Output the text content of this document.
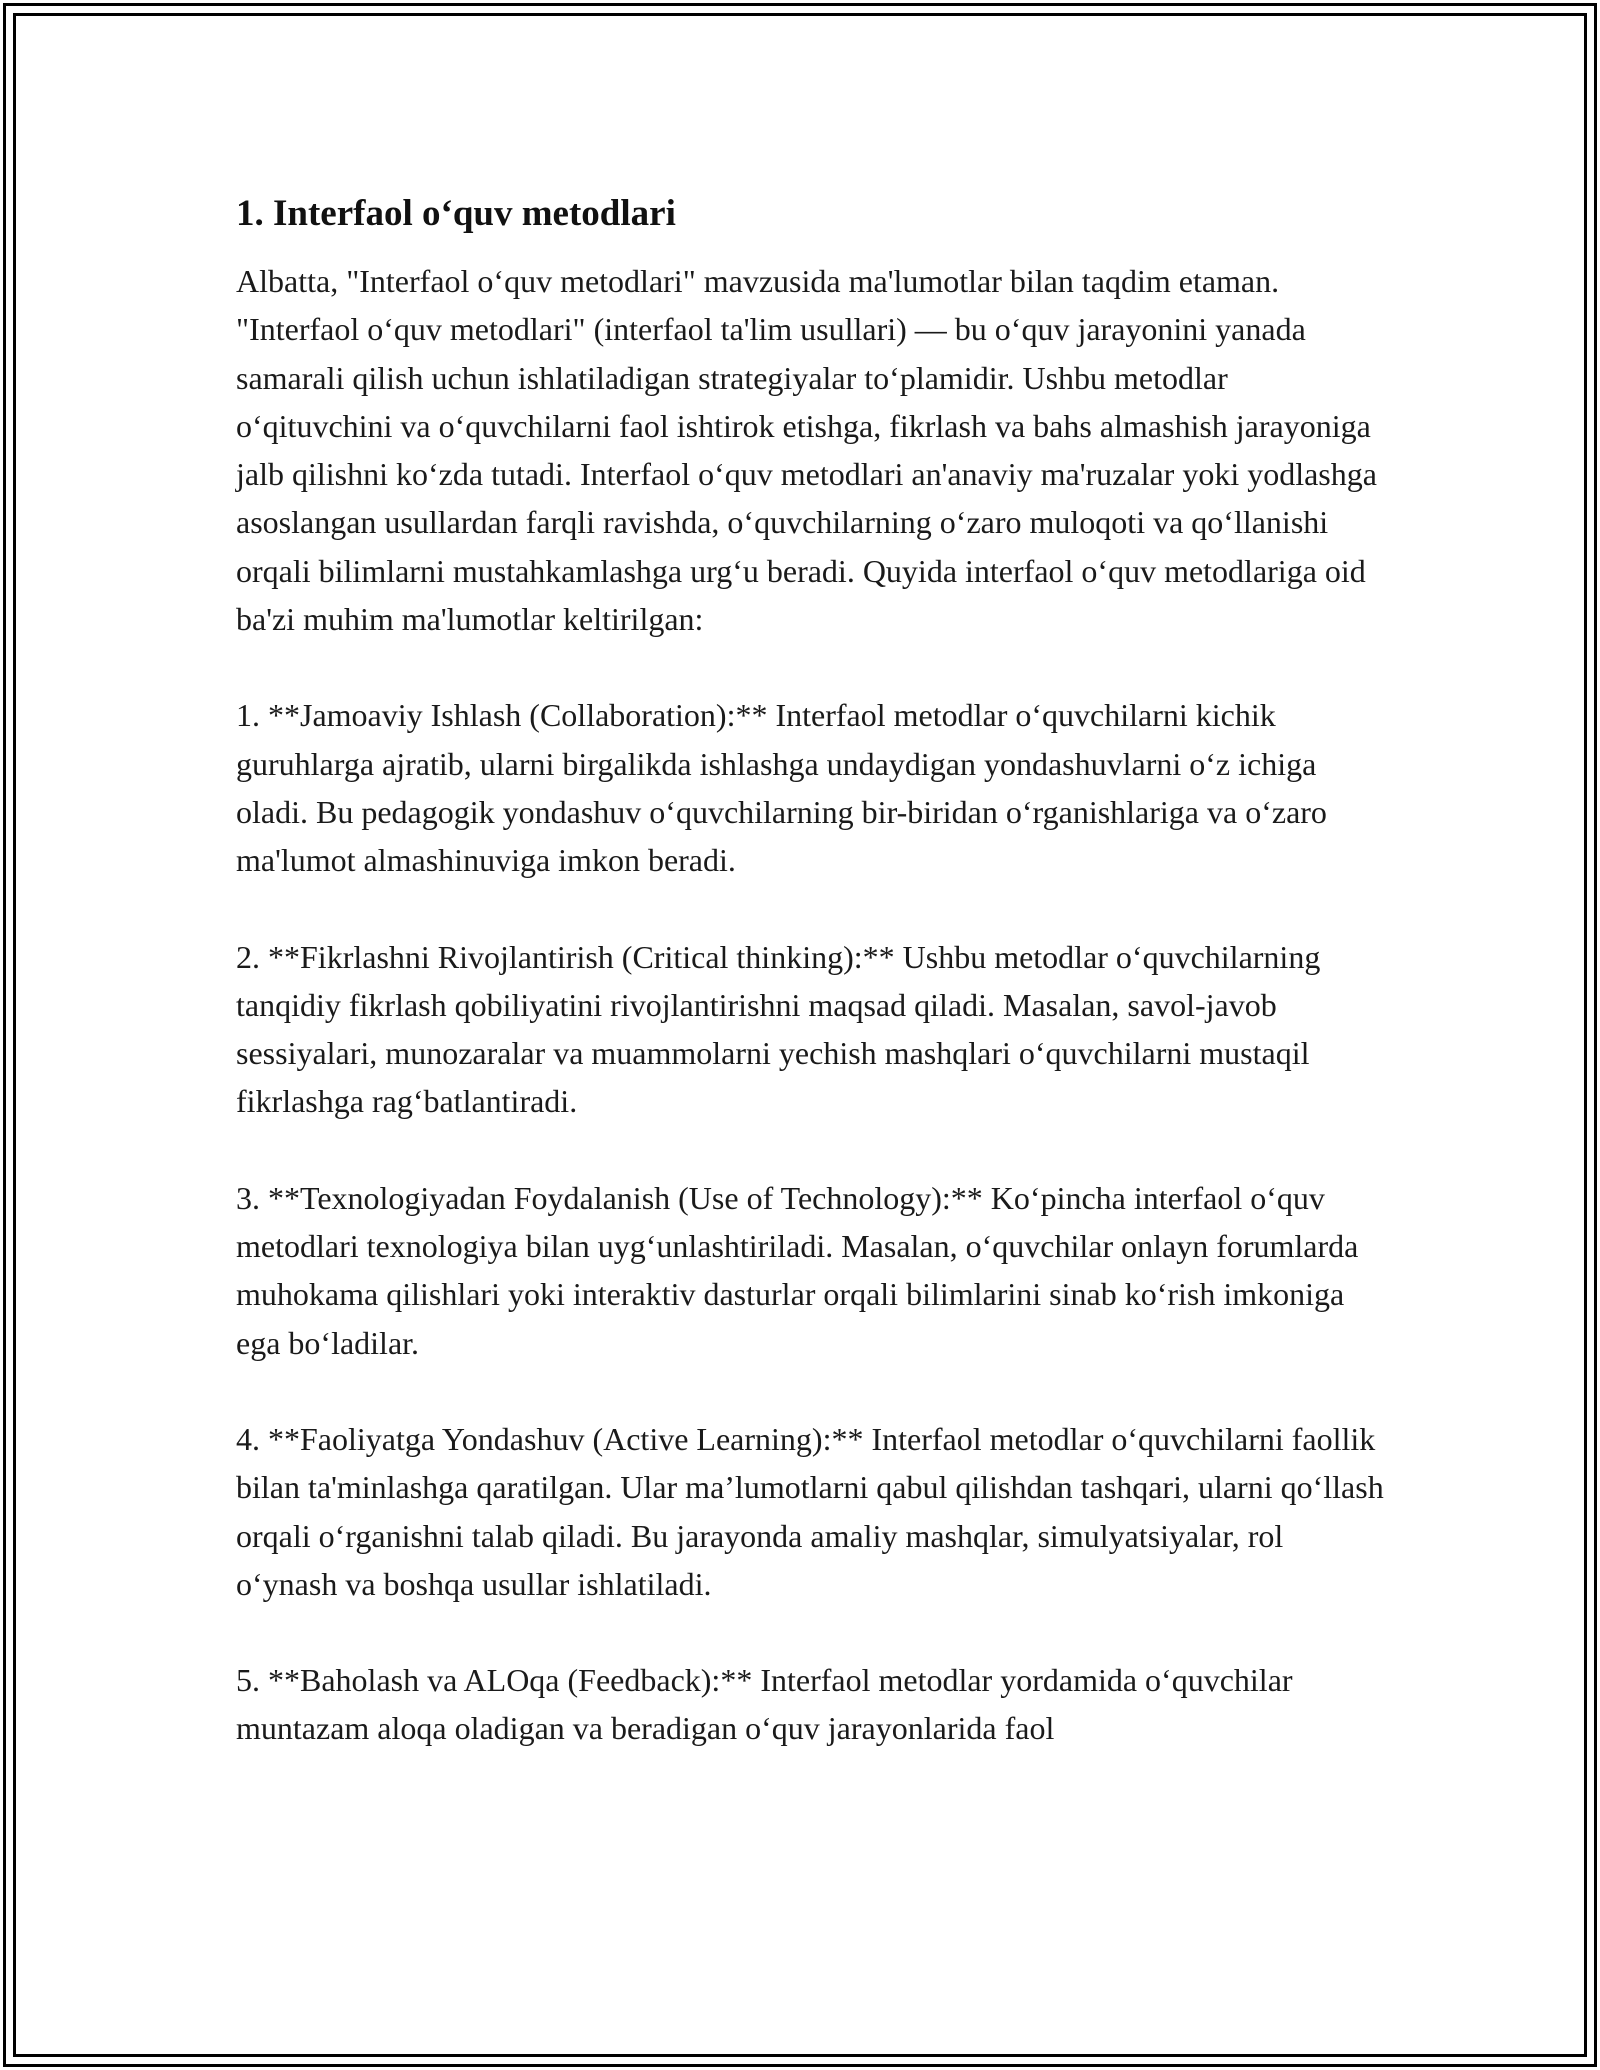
1. Interfaol oʻquv metodlari

Albatta, "Interfaol oʻquv metodlari" mavzusida ma'lumotlar bilan taqdim etaman. "Interfaol oʻquv metodlari" (interfaol ta'lim usullari) — bu oʻquv jarayonini yanada samarali qilish uchun ishlatiladigan strategiyalar toʻplamidir. Ushbu metodlar oʻqituvchini va oʻquvchilarni faol ishtirok etishga, fikrlash va bahs almashish jarayoniga jalb qilishni koʻzda tutadi. Interfaol oʻquv metodlari an'anaviy ma'ruzalar yoki yodlashga asoslangan usullardan farqli ravishda, oʻquvchilarning oʻzaro muloqoti va qoʻllanishi orqali bilimlarni mustahkamlashga urgʻu beradi. Quyida interfaol oʻquv metodlariga oid ba'zi muhim ma'lumotlar keltirilgan:

1. **Jamoaviy Ishlash (Collaboration):** Interfaol metodlar oʻquvchilarni kichik guruhlarga ajratib, ularni birgalikda ishlashga undaydigan yondashuvlarni oʻz ichiga oladi. Bu pedagogik yondashuv oʻquvchilarning bir-biridan oʻrganishlariga va oʻzaro ma'lumot almashinuviga imkon beradi.

2. **Fikrlashni Rivojlantirish (Critical thinking):** Ushbu metodlar oʻquvchilarning tanqidiy fikrlash qobiliyatini rivojlantirishni maqsad qiladi. Masalan, savol-javob sessiyalari, munozaralar va muammolarni yechish mashqlari oʻquvchilarni mustaqil fikrlashga ragʻbatlantiradi.

3. **Texnologiyadan Foydalanish (Use of Technology):** Koʻpincha interfaol oʻquv metodlari texnologiya bilan uygʻunlashtiriladi. Masalan, oʻquvchilar onlayn forumlarda muhokama qilishlari yoki interaktiv dasturlar orqali bilimlarini sinab koʻrish imkoniga ega boʻladilar.

4. **Faoliyatga Yondashuv (Active Learning):** Interfaol metodlar oʻquvchilarni faollik bilan ta'minlashga qaratilgan. Ular ma’lumotlarni qabul qilishdan tashqari, ularni qoʻllash orqali oʻrganishni talab qiladi. Bu jarayonda amaliy mashqlar, simulyatsiyalar, rol oʻynash va boshqa usullar ishlatiladi.

5. **Baholash va ALOqa (Feedback):** Interfaol metodlar yordamida oʻquvchilar muntazam aloqa oladigan va beradigan oʻquv jarayonlarida faol
